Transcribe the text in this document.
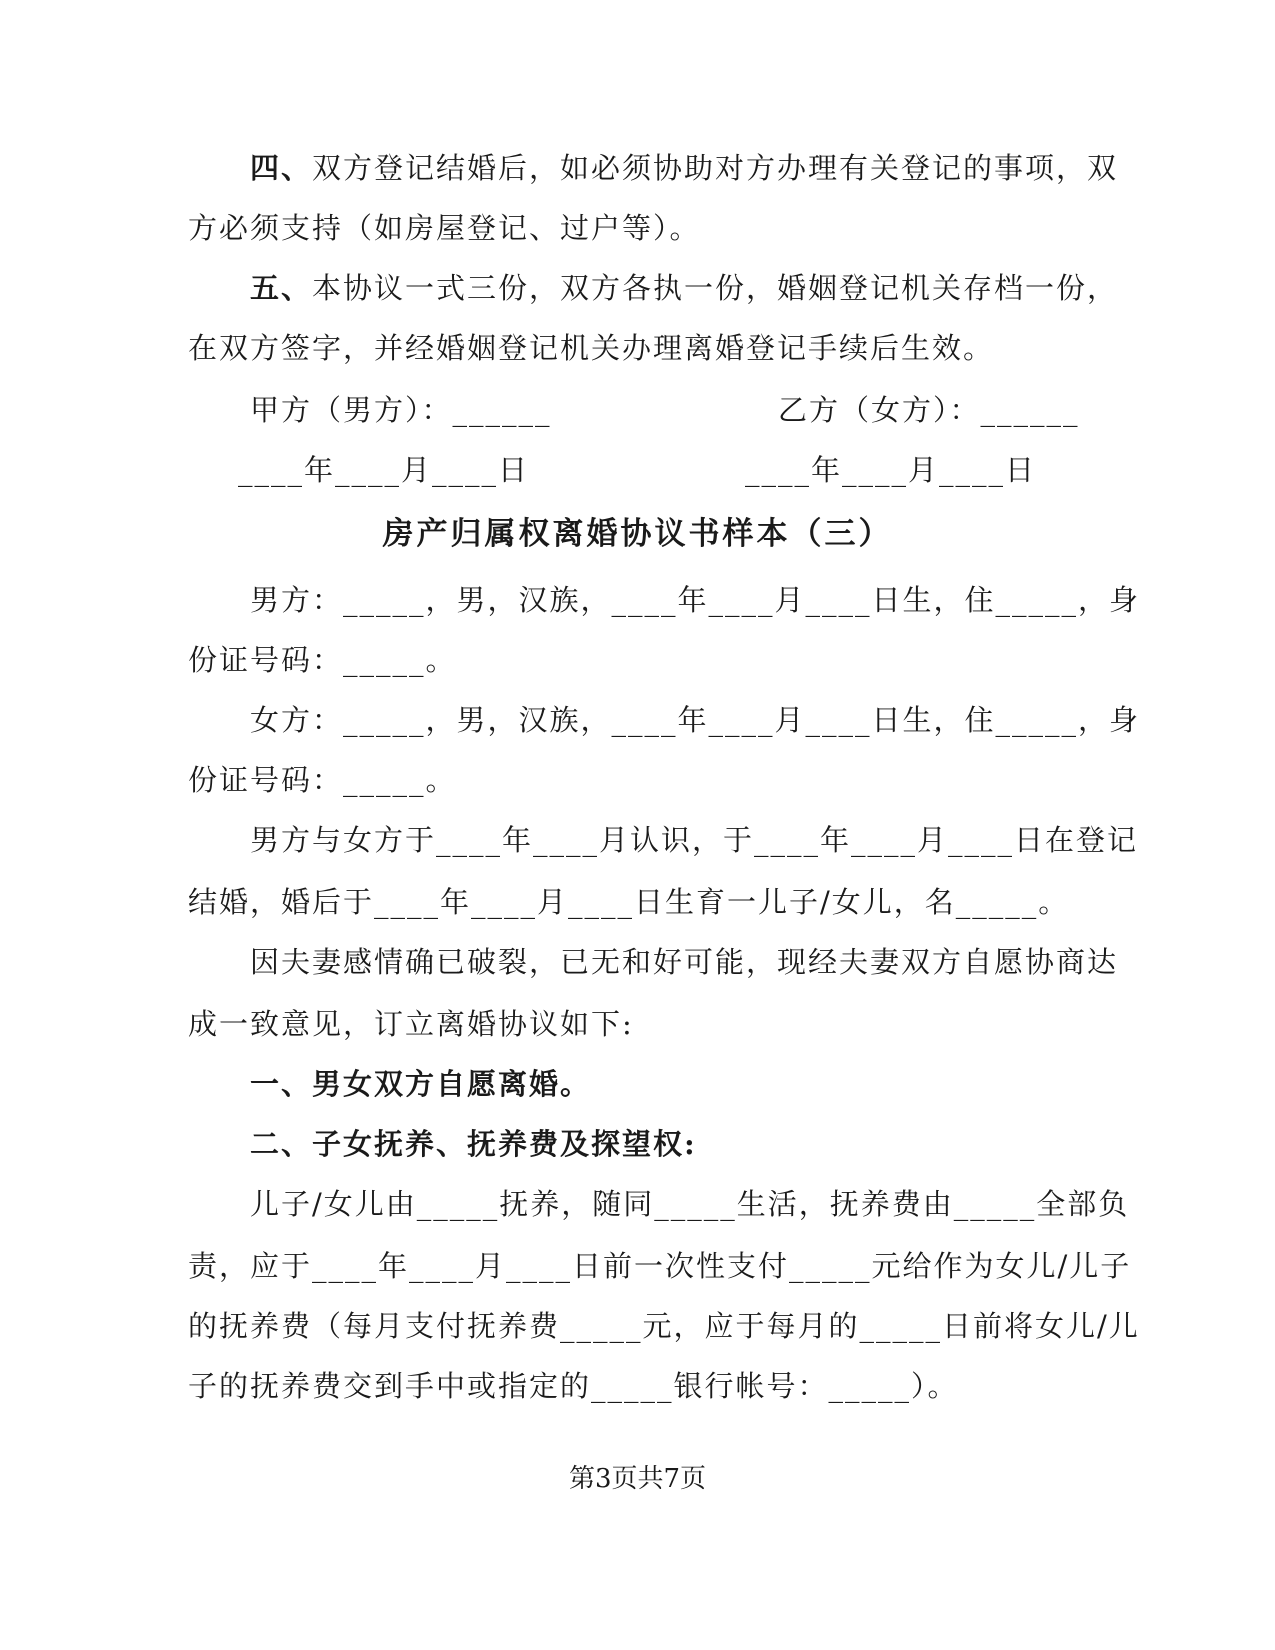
四、双方登记结婚后，如必须协助对方办理有关登记的事项，双
方必须支持（如房屋登记、过户等）。
五、本协议一式三份，双方各执一份，婚姻登记机关存档一份，
在双方签字，并经婚姻登记机关办理离婚登记手续后生效。
甲方（男方）：______	乙方（女方）：______
____年____月____日	____年____月____日
房产归属权离婚协议书样本（三）
男方：_____，男，汉族，____年____月____日生，住_____，身
份证号码：_____。
女方：_____，男，汉族，____年____月____日生，住_____，身
份证号码：_____。
男方与女方于____年____月认识，于____年____月____日在登记
结婚，婚后于____年____月____日生育一儿子/女儿，名_____。
因夫妻感情确已破裂，已无和好可能，现经夫妻双方自愿协商达
成一致意见，订立离婚协议如下:
一、男女双方自愿离婚。
二、子女抚养、抚养费及探望权:
儿子/女儿由_____抚养，随同_____生活，抚养费由_____全部负
责，应于____年____月____日前一次性支付_____元给作为女儿/儿子
的抚养费（每月支付抚养费_____元，应于每月的_____日前将女儿/儿
子的抚养费交到手中或指定的_____银行帐号：_____）。
第3页共7页
